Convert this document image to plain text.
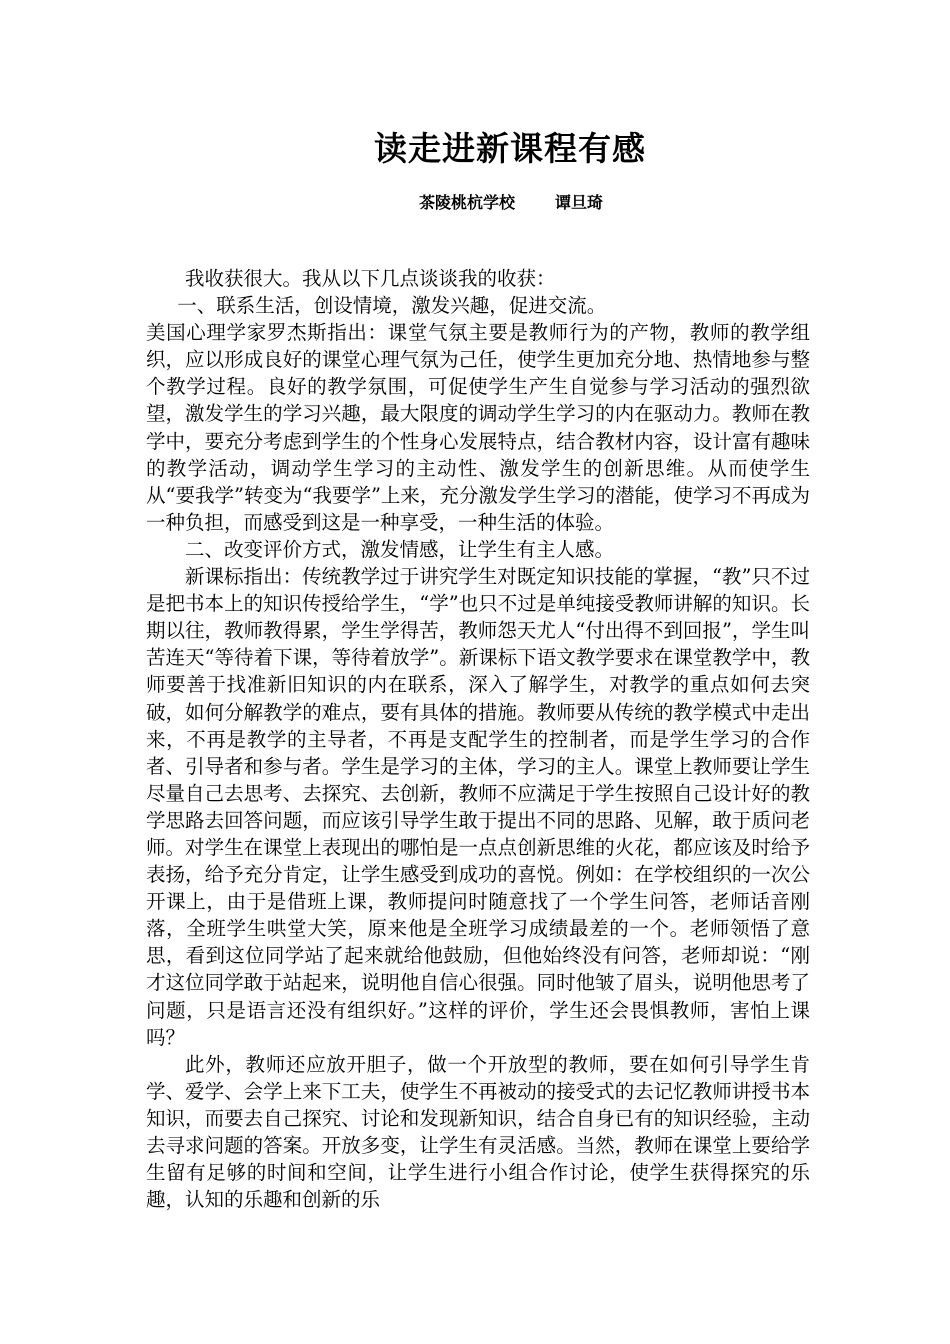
读走进新课程有感
茶陵桃杭学校	谭旦琦

我收获很大。我从以下几点谈谈我的收获：

一、联系生活，创设情境，激发兴趣，促进交流。

美国心理学家罗杰斯指出：课堂气氛主要是教师行为的产物，教师的教学组织，应以形成良好的课堂心理气氛为己任，使学生更加充分地、热情地参与整个教学过程。良好的教学氛围，可促使学生产生自觉参与学习活动的强烈欲望，激发学生的学习兴趣，最大限度的调动学生学习的内在驱动力。教师在教学中，要充分考虑到学生的个性身心发展特点，结合教材内容，设计富有趣味的教学活动，调动学生学习的主动性、激发学生的创新思维。从而使学生从“要我学”转变为“我要学”上来，充分激发学生学习的潜能，使学习不再成为一种负担，而感受到这是一种享受，一种生活的体验。

二、改变评价方式，激发情感，让学生有主人感。

新课标指出：传统教学过于讲究学生对既定知识技能的掌握，“教”只不过是把书本上的知识传授给学生，“学”也只不过是单纯接受教师讲解的知识。长期以往，教师教得累，学生学得苦，教师怨天尤人“付出得不到回报”，学生叫苦连天“等待着下课，等待着放学”。新课标下语文教学要求在课堂教学中，教师要善于找准新旧知识的内在联系，深入了解学生，对教学的重点如何去突破，如何分解教学的难点，要有具体的措施。教师要从传统的教学模式中走出来，不再是教学的主导者，不再是支配学生的控制者，而是学生学习的合作者、引导者和参与者。学生是学习的主体，学习的主人。课堂上教师要让学生尽量自己去思考、去探究、去创新，教师不应满足于学生按照自己设计好的教学思路去回答问题，而应该引导学生敢于提出不同的思路、见解，敢于质问老师。对学生在课堂上表现出的哪怕是一点点创新思维的火花，都应该及时给予表扬，给予充分肯定，让学生感受到成功的喜悦。例如：在学校组织的一次公开课上，由于是借班上课，教师提问时随意找了一个学生问答，老师话音刚落，全班学生哄堂大笑，原来他是全班学习成绩最差的一个。老师领悟了意思，看到这位同学站了起来就给他鼓励，但他始终没有问答，老师却说：“刚才这位同学敢于站起来，说明他自信心很强。同时他皱了眉头，说明他思考了问题，只是语言还没有组织好。”这样的评价，学生还会畏惧教师，害怕上课吗？

此外，教师还应放开胆子，做一个开放型的教师，要在如何引导学生肯学、爱学、会学上来下工夫，使学生不再被动的接受式的去记忆教师讲授书本知识，而要去自己探究、讨论和发现新知识，结合自身已有的知识经验，主动去寻求问题的答案。开放多变，让学生有灵活感。当然，教师在课堂上要给学生留有足够的时间和空间，让学生进行小组合作讨论，使学生获得探究的乐趣，认知的乐趣和创新的乐
